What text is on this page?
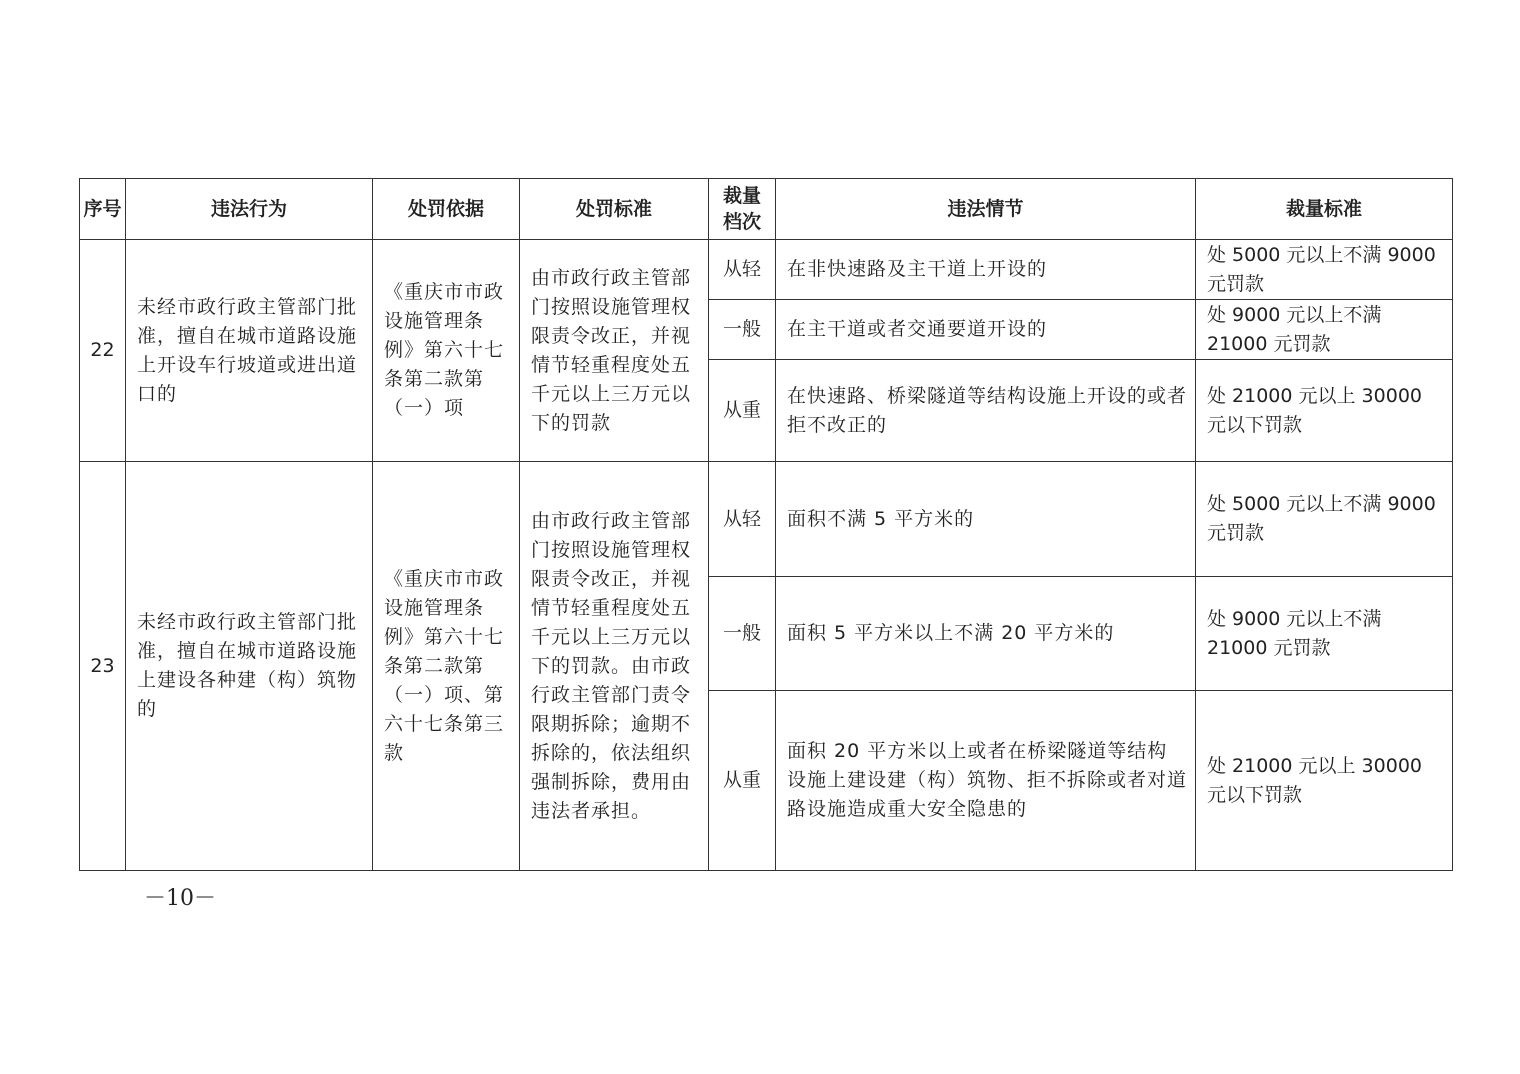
序号	违法行为	处罚依据	处罚标准	裁量档次	违法情节	裁量标准
22	未经市政行政主管部门批准，擅自在城市道路设施上开设车行坡道或进出道口的	《重庆市市政设施管理条例》第六十七条第二款第（一）项	由市政行政主管部门按照设施管理权限责令改正，并视情节轻重程度处五千元以上三万元以下的罚款	从轻	在非快速路及主干道上开设的	处 5000 元以上不满 9000 元罚款
				一般	在主干道或者交通要道开设的	处 9000 元以上不满 21000 元罚款
				从重	在快速路、桥梁隧道等结构设施上开设的或者拒不改正的	处 21000 元以上 30000 元以下罚款
23	未经市政行政主管部门批准，擅自在城市道路设施上建设各种建（构）筑物的	《重庆市市政设施管理条例》第六十七条第二款第（一）项、第六十七条第三款	由市政行政主管部门按照设施管理权限责令改正，并视情节轻重程度处五千元以上三万元以下的罚款。由市政行政主管部门责令限期拆除；逾期不拆除的，依法组织强制拆除，费用由违法者承担。	从轻	面积不满 5 平方米的	处 5000 元以上不满 9000 元罚款
				一般	面积 5 平方米以上不满 20 平方米的	处 9000 元以上不满 21000 元罚款
				从重	面积 20 平方米以上或者在桥梁隧道等结构设施上建设建（构）筑物、拒不拆除或者对道路设施造成重大安全隐患的	处 21000 元以上 30000 元以下罚款
－10－
